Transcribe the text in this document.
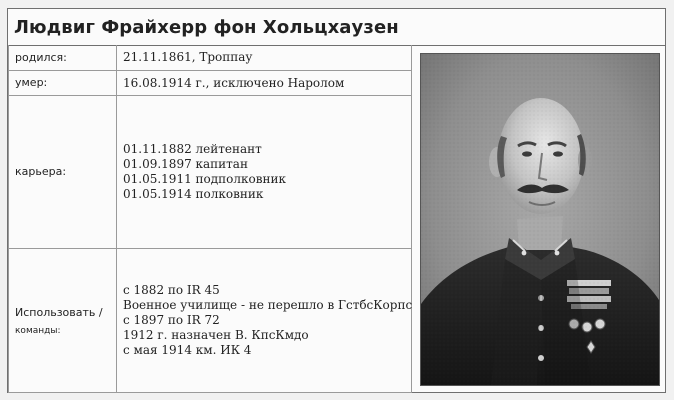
Людвиг Фрайхерр фон Хольцхаузен
родился:	21.11.1861, Троппау
умер:	16.08.1914 г., исключено Наролом
карьера:	01.11.1882 лейтенант
01.09.1897 капитан
01.05.1911 подполковник
01.05.1914 полковник

Использовать /
команды:	с 1882 по IR 45
Военное училище - не перешло в ГстбсКорпс
с 1897 по IR 72
1912 г. назначен В. КпсКмдо
с мая 1914 км. ИК 4
